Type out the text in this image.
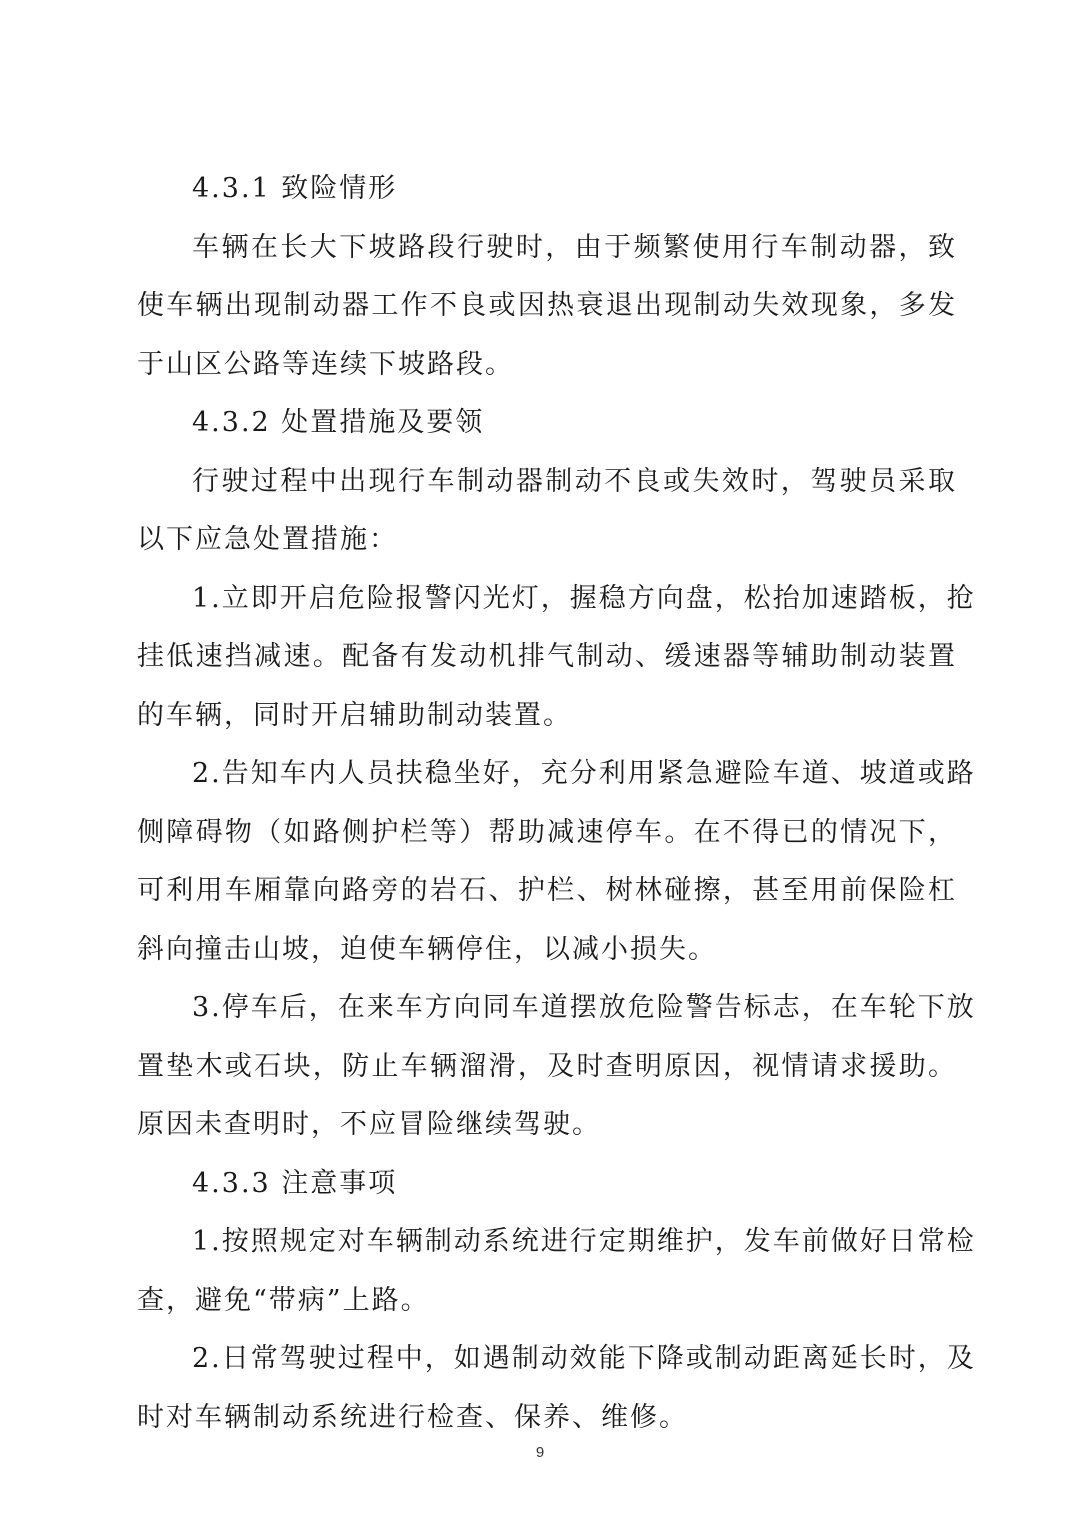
4.3.1 致险情形

车辆在长大下坡路段行驶时，由于频繁使用行车制动器，致

使车辆出现制动器工作不良或因热衰退出现制动失效现象，多发

于山区公路等连续下坡路段。

4.3.2 处置措施及要领

行驶过程中出现行车制动器制动不良或失效时，驾驶员采取

以下应急处置措施：

1.立即开启危险报警闪光灯，握稳方向盘，松抬加速踏板，抢

挂低速挡减速。配备有发动机排气制动、缓速器等辅助制动装置

的车辆，同时开启辅助制动装置。

2.告知车内人员扶稳坐好，充分利用紧急避险车道、坡道或路

侧障碍物（如路侧护栏等）帮助减速停车。在不得已的情况下，

可利用车厢靠向路旁的岩石、护栏、树林碰擦，甚至用前保险杠

斜向撞击山坡，迫使车辆停住，以减小损失。

3.停车后，在来车方向同车道摆放危险警告标志，在车轮下放

置垫木或石块，防止车辆溜滑，及时查明原因，视情请求援助。

原因未查明时，不应冒险继续驾驶。

4.3.3 注意事项

1.按照规定对车辆制动系统进行定期维护，发车前做好日常检

查，避免“带病”上路。

2.日常驾驶过程中，如遇制动效能下降或制动距离延长时，及

时对车辆制动系统进行检查、保养、维修。

9
